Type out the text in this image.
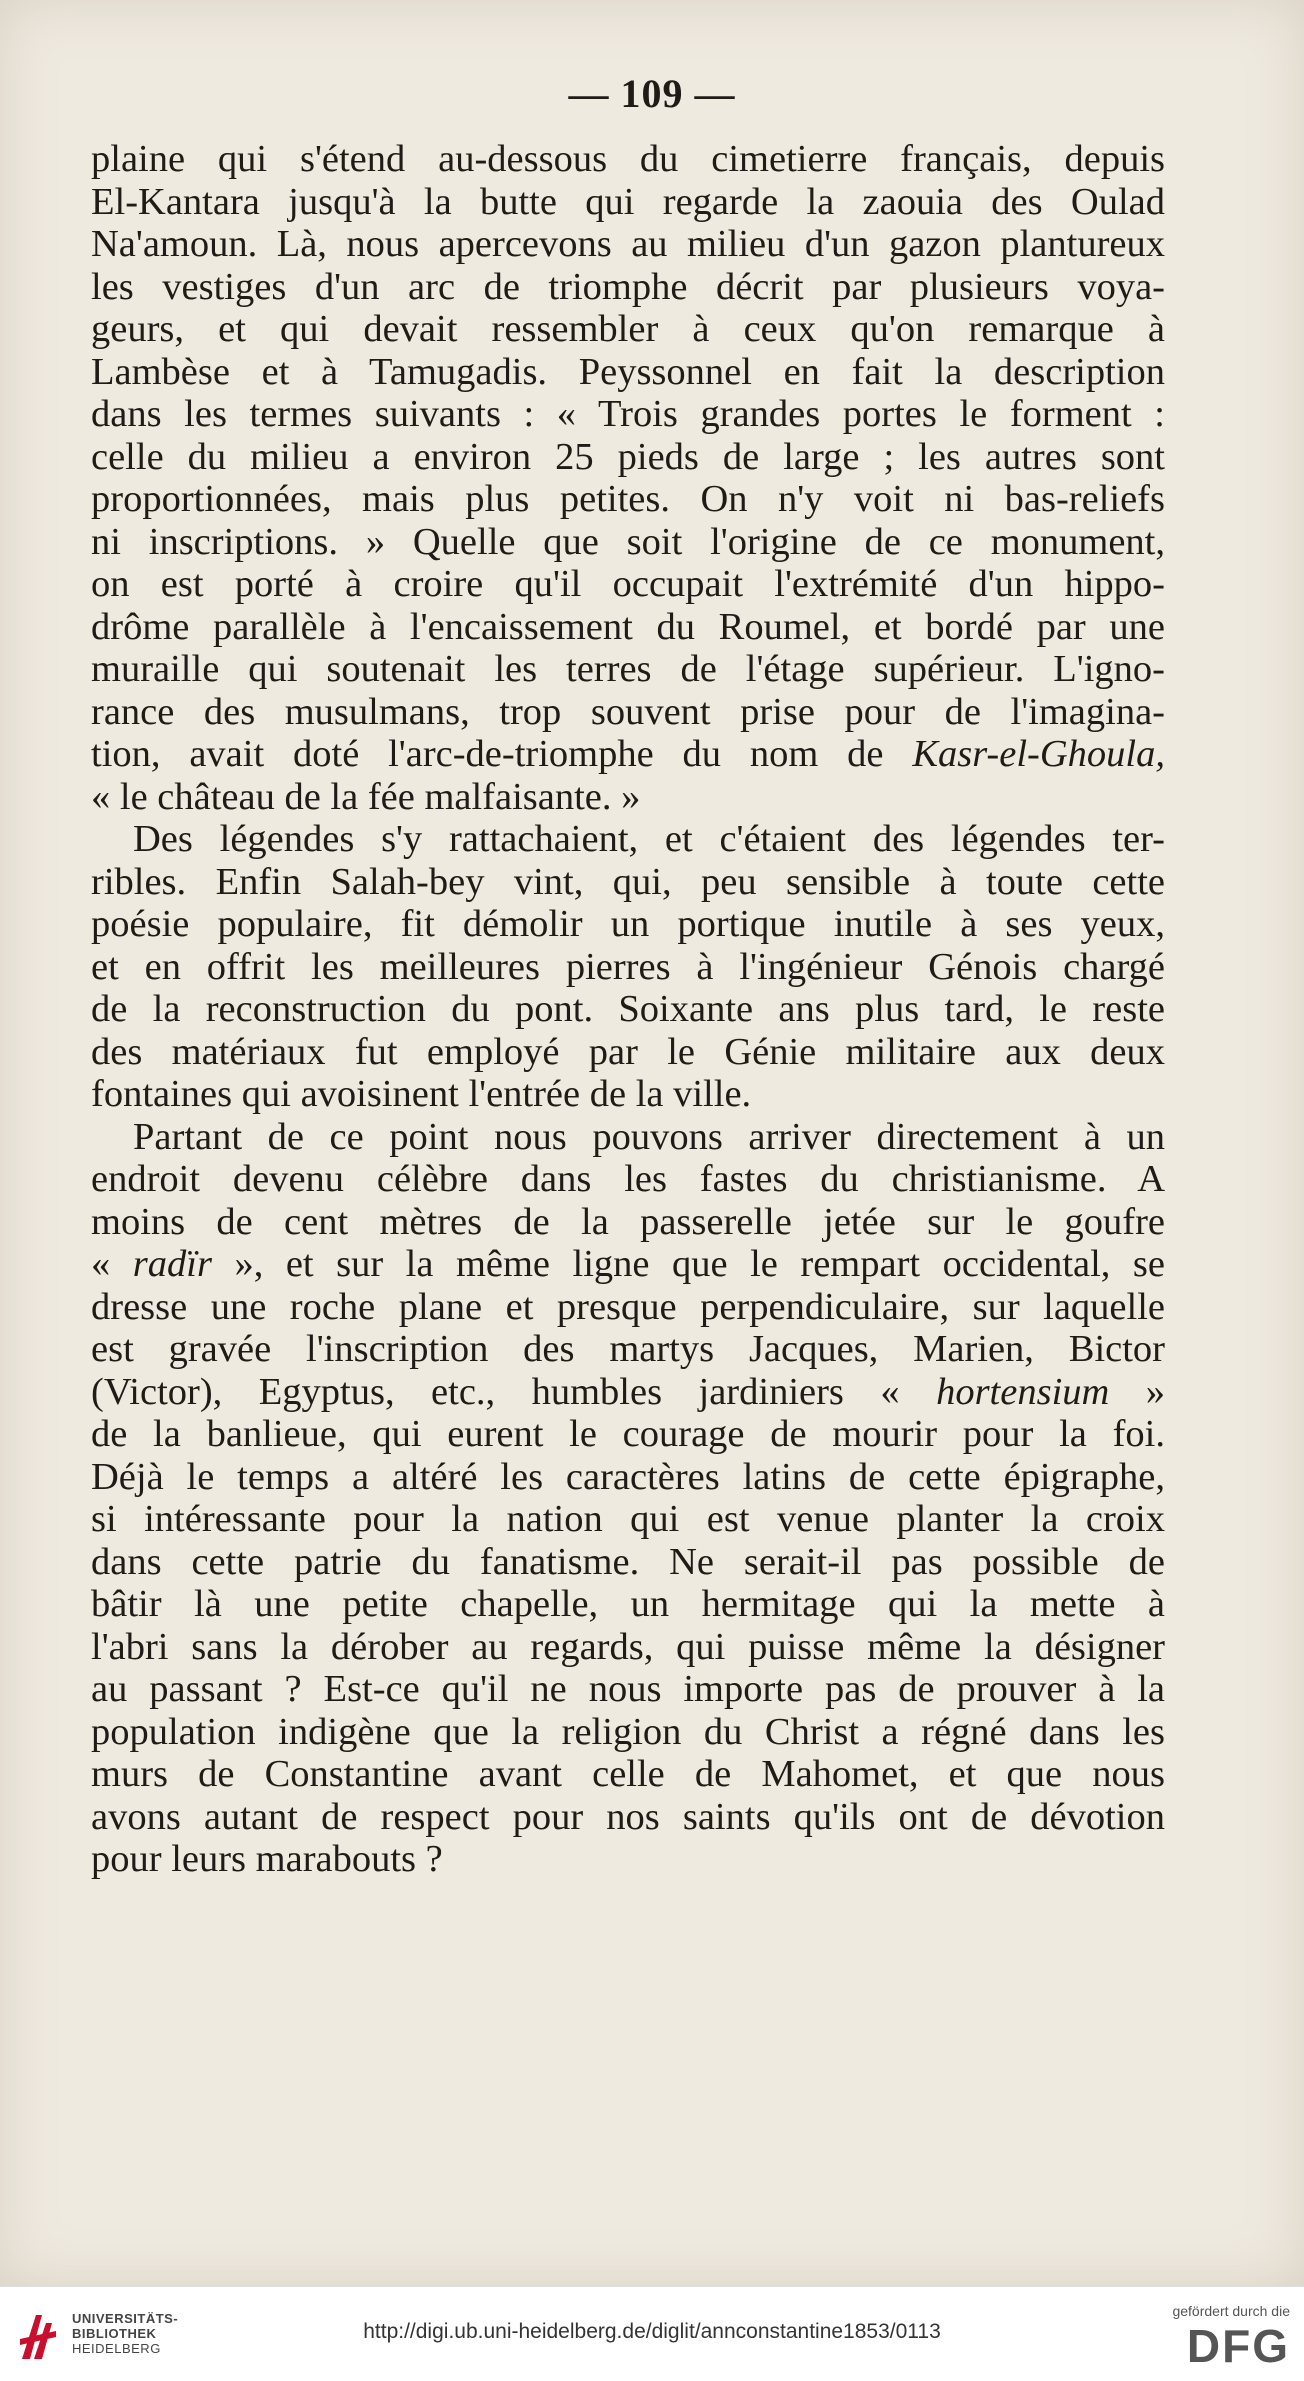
— 109 —

plaine qui s'étend au-dessous du cimetierre français, depuis
El-Kantara jusqu'à la butte qui regarde la zaouia des Oulad
Na'amoun. Là, nous apercevons au milieu d'un gazon plantureux
les vestiges d'un arc de triomphe décrit par plusieurs voya-
geurs, et qui devait ressembler à ceux qu'on remarque à
Lambèse et à Tamugadis. Peyssonnel en fait la description
dans les termes suivants : « Trois grandes portes le forment :
celle du milieu a environ 25 pieds de large ; les autres sont
proportionnées, mais plus petites. On n'y voit ni bas-reliefs
ni inscriptions. » Quelle que soit l'origine de ce monument,
on est porté à croire qu'il occupait l'extrémité d'un hippo-
drôme parallèle à l'encaissement du Roumel, et bordé par une
muraille qui soutenait les terres de l'étage supérieur. L'igno-
rance des musulmans, trop souvent prise pour de l'imagina-
tion, avait doté l'arc-de-triomphe du nom de Kasr-el-Ghoula,
« le château de la fée malfaisante. »

Des légendes s'y rattachaient, et c'étaient des légendes ter-
ribles. Enfin Salah-bey vint, qui, peu sensible à toute cette
poésie populaire, fit démolir un portique inutile à ses yeux,
et en offrit les meilleures pierres à l'ingénieur Génois chargé
de la reconstruction du pont. Soixante ans plus tard, le reste
des matériaux fut employé par le Génie militaire aux deux
fontaines qui avoisinent l'entrée de la ville.

Partant de ce point nous pouvons arriver directement à un
endroit devenu célèbre dans les fastes du christianisme. A
moins de cent mètres de la passerelle jetée sur le goufre
« radïr », et sur la même ligne que le rempart occidental, se
dresse une roche plane et presque perpendiculaire, sur laquelle
est gravée l'inscription des martys Jacques, Marien, Bictor
(Victor), Egyptus, etc., humbles jardiniers « hortensium »
de la banlieue, qui eurent le courage de mourir pour la foi.
Déjà le temps a altéré les caractères latins de cette épigraphe,
si intéressante pour la nation qui est venue planter la croix
dans cette patrie du fanatisme. Ne serait-il pas possible de
bâtir là une petite chapelle, un hermitage qui la mette à
l'abri sans la dérober au regards, qui puisse même la désigner
au passant ? Est-ce qu'il ne nous importe pas de prouver à la
population indigène que la religion du Christ a régné dans les
murs de Constantine avant celle de Mahomet, et que nous
avons autant de respect pour nos saints qu'ils ont de dévotion
pour leurs marabouts ?

UNIVERSITÄTS-
BIBLIOTHEK
HEIDELBERG
http://digi.ub.uni-heidelberg.de/diglit/annconstantine1853/0113
gefördert durch die
DFG
